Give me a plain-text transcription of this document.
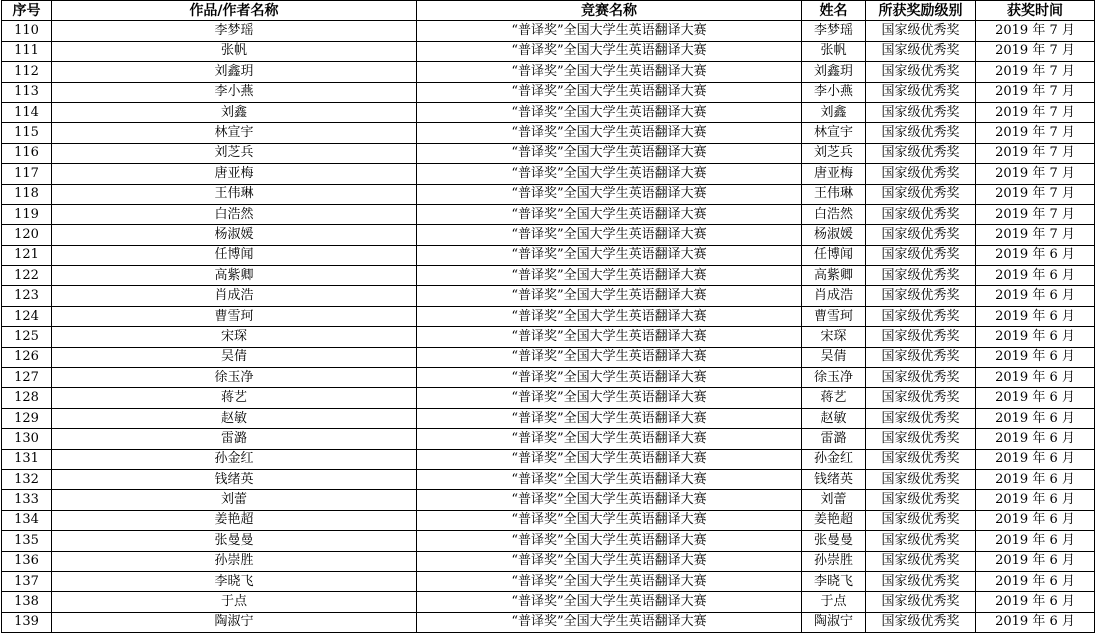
序号	作品/作者名称	竞赛名称	姓名	所获奖励级别	获奖时间
110	李梦瑶	“普译奖”全国大学生英语翻译大赛	李梦瑶	国家级优秀奖	2019 年 7 月
111	张帆	“普译奖”全国大学生英语翻译大赛	张帆	国家级优秀奖	2019 年 7 月
112	刘鑫玥	“普译奖”全国大学生英语翻译大赛	刘鑫玥	国家级优秀奖	2019 年 7 月
113	李小燕	“普译奖”全国大学生英语翻译大赛	李小燕	国家级优秀奖	2019 年 7 月
114	刘鑫	“普译奖”全国大学生英语翻译大赛	刘鑫	国家级优秀奖	2019 年 7 月
115	林宣宇	“普译奖”全国大学生英语翻译大赛	林宣宇	国家级优秀奖	2019 年 7 月
116	刘芝兵	“普译奖”全国大学生英语翻译大赛	刘芝兵	国家级优秀奖	2019 年 7 月
117	唐亚梅	“普译奖”全国大学生英语翻译大赛	唐亚梅	国家级优秀奖	2019 年 7 月
118	王伟琳	“普译奖”全国大学生英语翻译大赛	王伟琳	国家级优秀奖	2019 年 7 月
119	白浩然	“普译奖”全国大学生英语翻译大赛	白浩然	国家级优秀奖	2019 年 7 月
120	杨淑媛	“普译奖”全国大学生英语翻译大赛	杨淑媛	国家级优秀奖	2019 年 7 月
121	任博闻	“普译奖”全国大学生英语翻译大赛	任博闻	国家级优秀奖	2019 年 6 月
122	高紫卿	“普译奖”全国大学生英语翻译大赛	高紫卿	国家级优秀奖	2019 年 6 月
123	肖成浩	“普译奖”全国大学生英语翻译大赛	肖成浩	国家级优秀奖	2019 年 6 月
124	曹雪珂	“普译奖”全国大学生英语翻译大赛	曹雪珂	国家级优秀奖	2019 年 6 月
125	宋琛	“普译奖”全国大学生英语翻译大赛	宋琛	国家级优秀奖	2019 年 6 月
126	吴倩	“普译奖”全国大学生英语翻译大赛	吴倩	国家级优秀奖	2019 年 6 月
127	徐玉净	“普译奖”全国大学生英语翻译大赛	徐玉净	国家级优秀奖	2019 年 6 月
128	蒋艺	“普译奖”全国大学生英语翻译大赛	蒋艺	国家级优秀奖	2019 年 6 月
129	赵敏	“普译奖”全国大学生英语翻译大赛	赵敏	国家级优秀奖	2019 年 6 月
130	雷潞	“普译奖”全国大学生英语翻译大赛	雷潞	国家级优秀奖	2019 年 6 月
131	孙金红	“普译奖”全国大学生英语翻译大赛	孙金红	国家级优秀奖	2019 年 6 月
132	钱绪英	“普译奖”全国大学生英语翻译大赛	钱绪英	国家级优秀奖	2019 年 6 月
133	刘蕾	“普译奖”全国大学生英语翻译大赛	刘蕾	国家级优秀奖	2019 年 6 月
134	姜艳超	“普译奖”全国大学生英语翻译大赛	姜艳超	国家级优秀奖	2019 年 6 月
135	张曼曼	“普译奖”全国大学生英语翻译大赛	张曼曼	国家级优秀奖	2019 年 6 月
136	孙崇胜	“普译奖”全国大学生英语翻译大赛	孙崇胜	国家级优秀奖	2019 年 6 月
137	李晓飞	“普译奖”全国大学生英语翻译大赛	李晓飞	国家级优秀奖	2019 年 6 月
138	于点	“普译奖”全国大学生英语翻译大赛	于点	国家级优秀奖	2019 年 6 月
139	陶淑宁	“普译奖”全国大学生英语翻译大赛	陶淑宁	国家级优秀奖	2019 年 6 月
